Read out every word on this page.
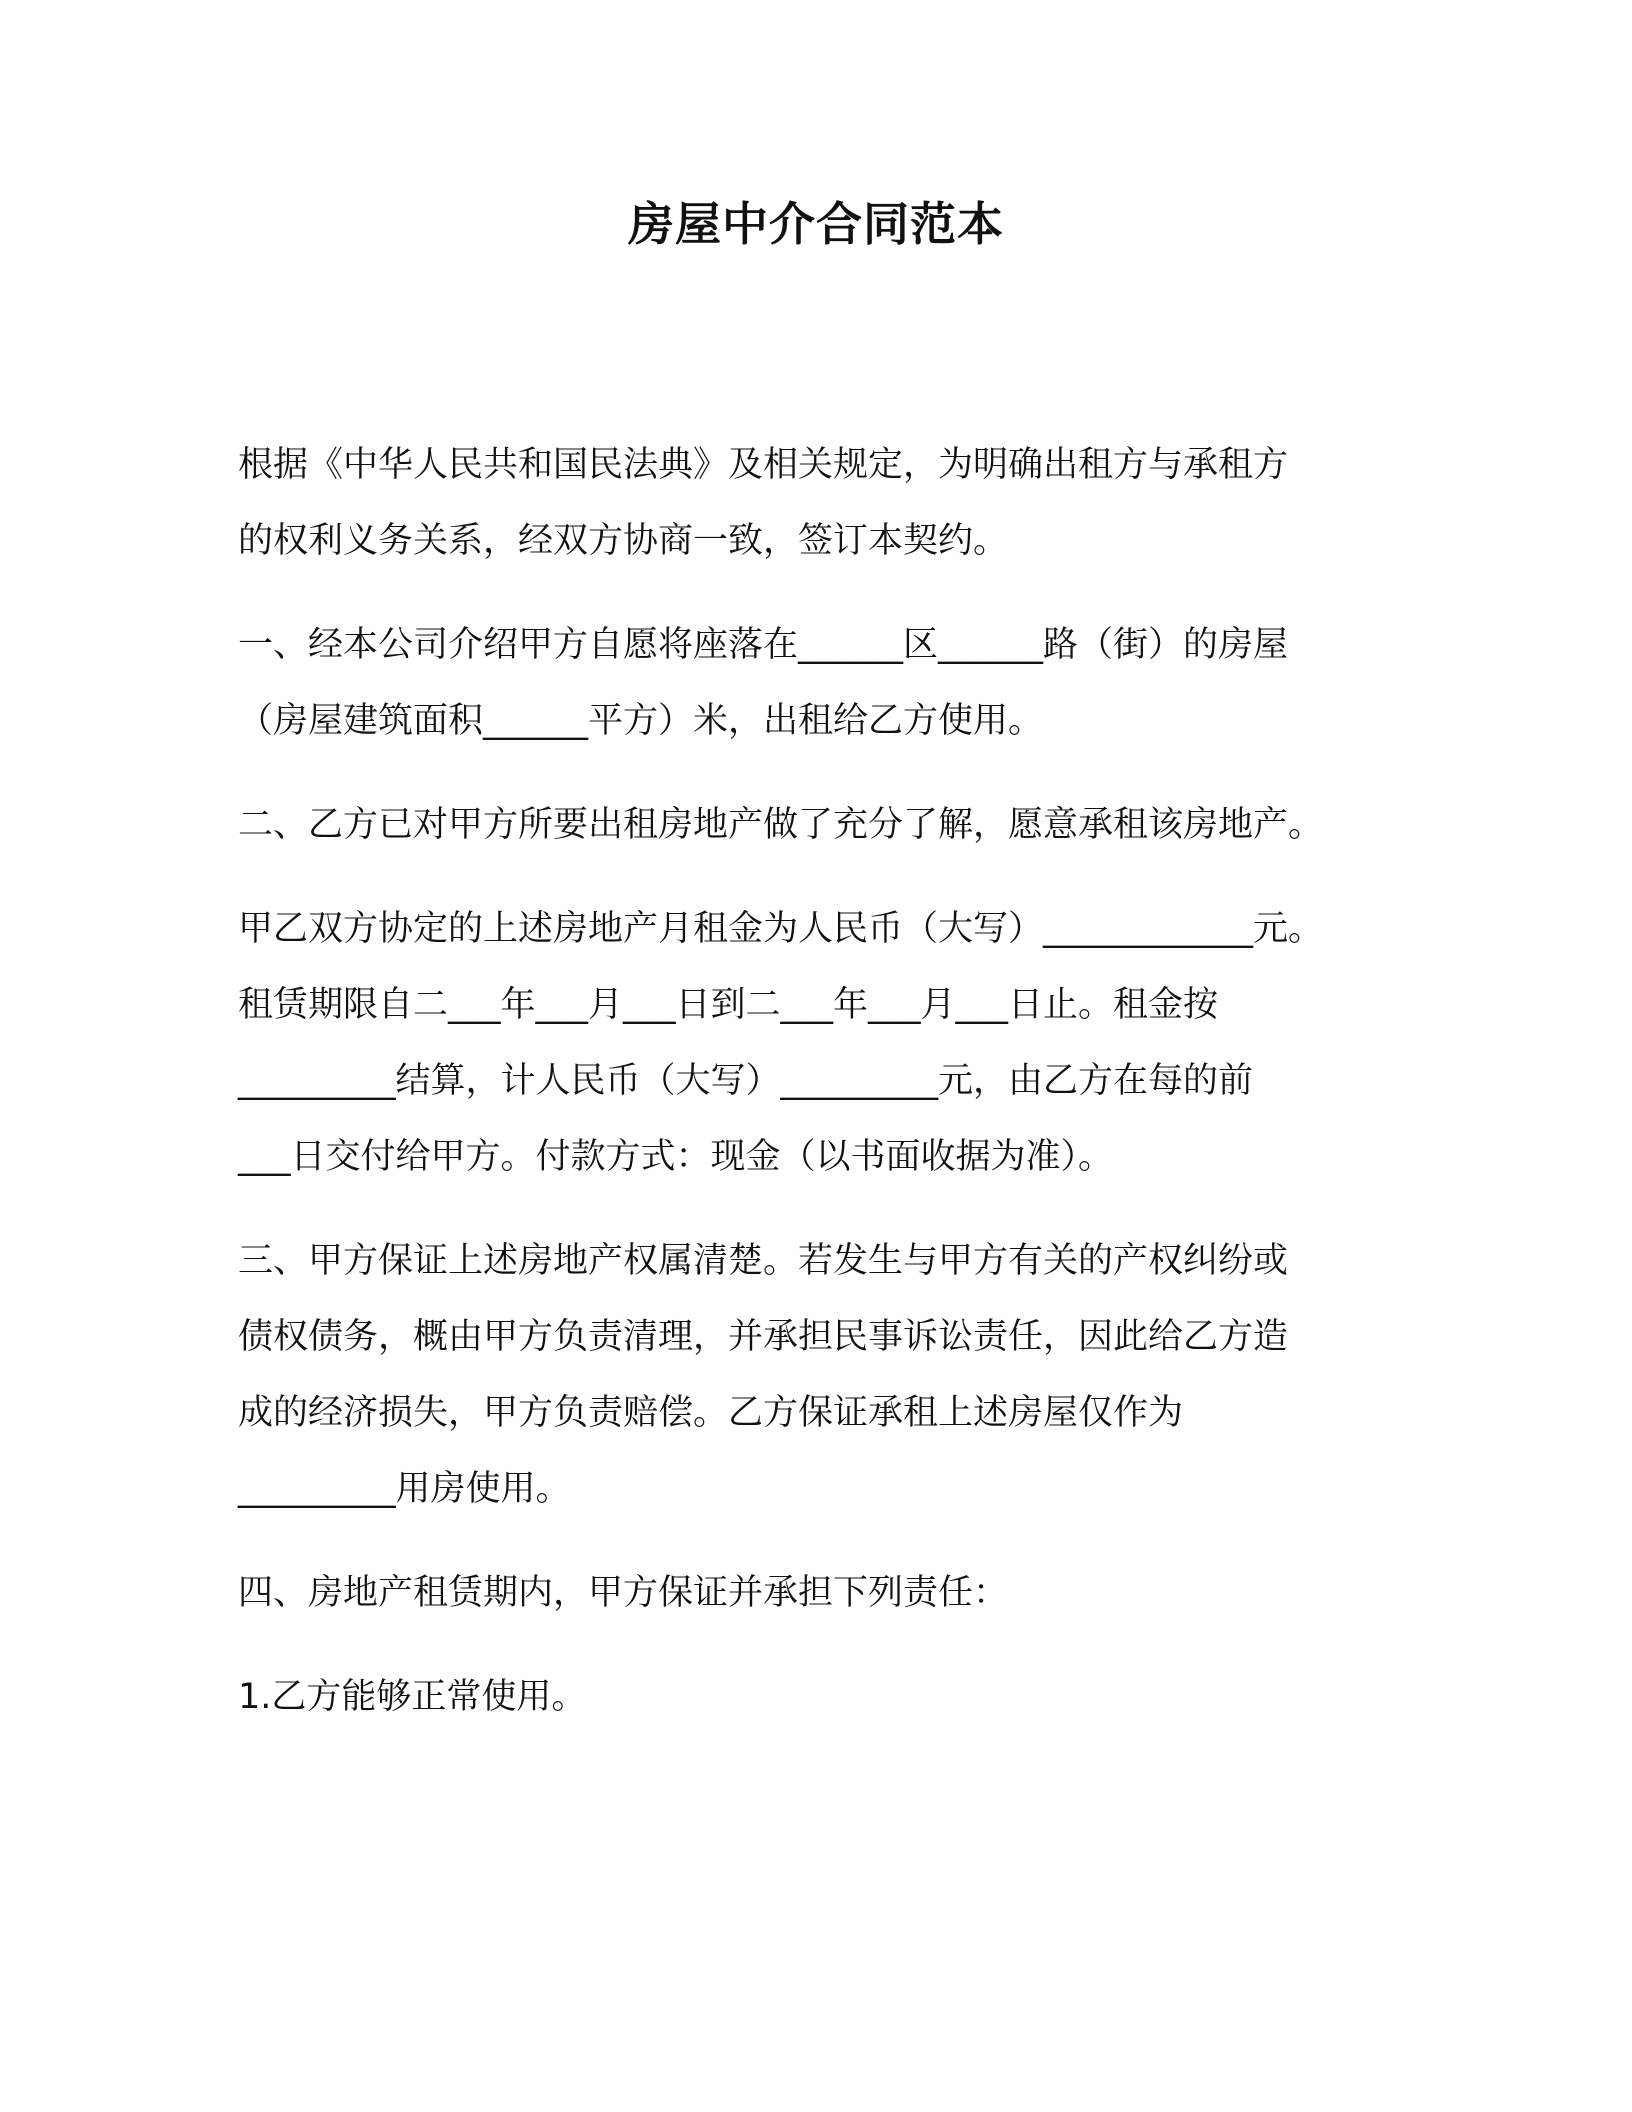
房屋中介合同范本
根据《中华人民共和国民法典》及相关规定，为明确出租方与承租方
的权利义务关系，经双方协商一致，签订本契约。
一、经本公司介绍甲方自愿将座落在______区______路（街）的房屋
（房屋建筑面积______平方）米，出租给乙方使用。
二、乙方已对甲方所要出租房地产做了充分了解，愿意承租该房地产。
甲乙双方协定的上述房地产月租金为人民币（大写）____________元。
租赁期限自二___年___月___日到二___年___月___日止。租金按
_________结算，计人民币（大写）_________元，由乙方在每的前
___日交付给甲方。付款方式：现金（以书面收据为准）。
三、甲方保证上述房地产权属清楚。若发生与甲方有关的产权纠纷或
债权债务，概由甲方负责清理，并承担民事诉讼责任，因此给乙方造
成的经济损失，甲方负责赔偿。乙方保证承租上述房屋仅作为
_________用房使用。
四、房地产租赁期内，甲方保证并承担下列责任：
1.乙方能够正常使用。
